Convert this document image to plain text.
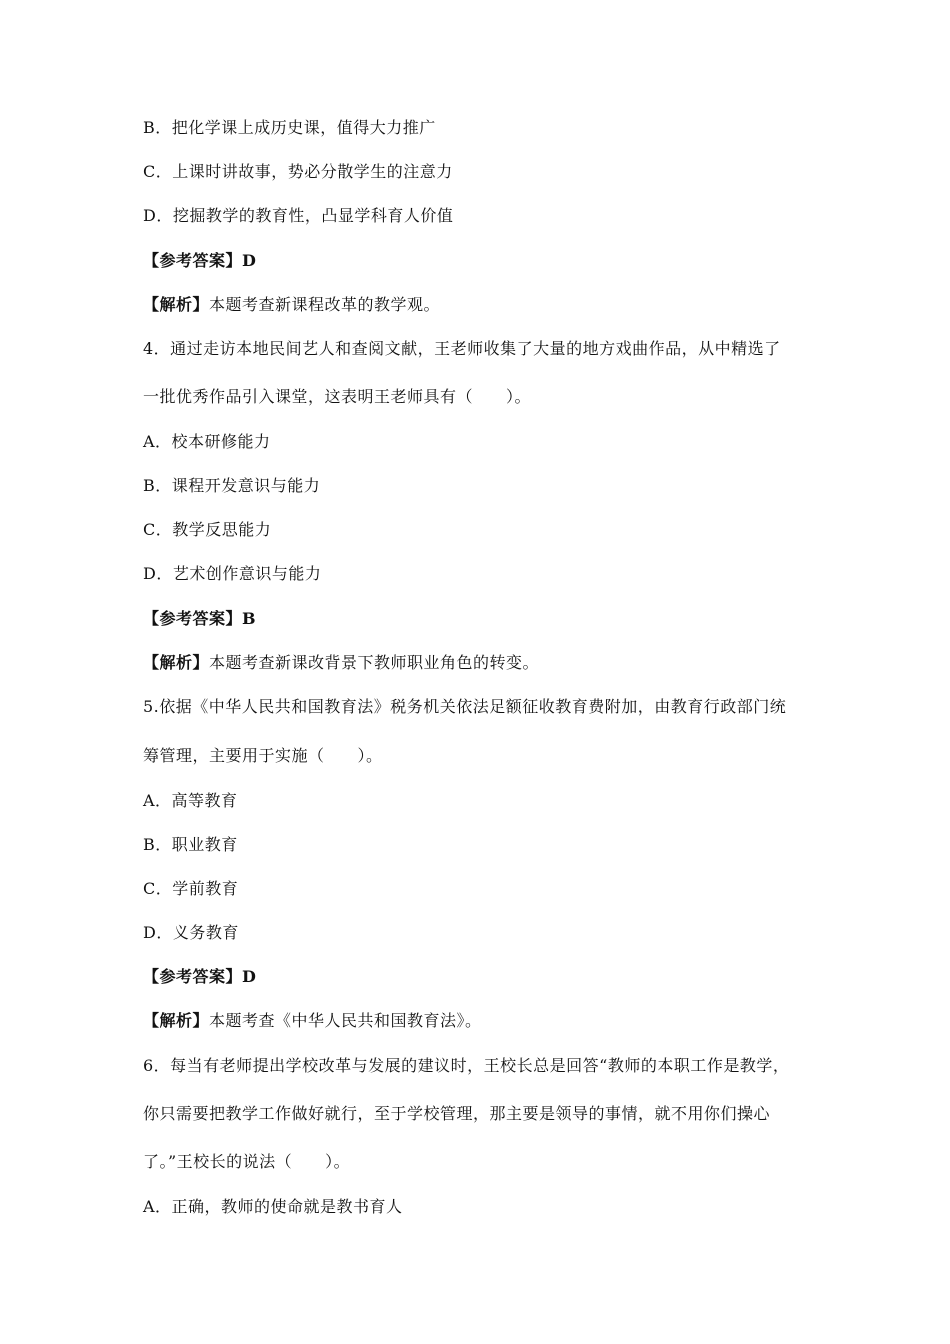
B．把化学课上成历史课，值得大力推广
C．上课时讲故事，势必分散学生的注意力
D．挖掘教学的教育性，凸显学科育人价值
【参考答案】D
【解析】本题考查新课程改革的教学观。
4．通过走访本地民间艺人和查阅文献，王老师收集了大量的地方戏曲作品，从中精选了
一批优秀作品引入课堂，这表明王老师具有（　　）。
A．校本研修能力
B．课程开发意识与能力
C．教学反思能力
D．艺术创作意识与能力
【参考答案】B
【解析】本题考查新课改背景下教师职业角色的转变。
5.依据《中华人民共和国教育法》税务机关依法足额征收教育费附加，由教育行政部门统
筹管理，主要用于实施（　　）。
A．高等教育
B．职业教育
C．学前教育
D．义务教育
【参考答案】D
【解析】本题考查《中华人民共和国教育法》。
6．每当有老师提出学校改革与发展的建议时，王校长总是回答“教师的本职工作是教学，
你只需要把教学工作做好就行，至于学校管理，那主要是领导的事情，就不用你们操心
了。”王校长的说法（　　）。
A．正确，教师的使命就是教书育人
